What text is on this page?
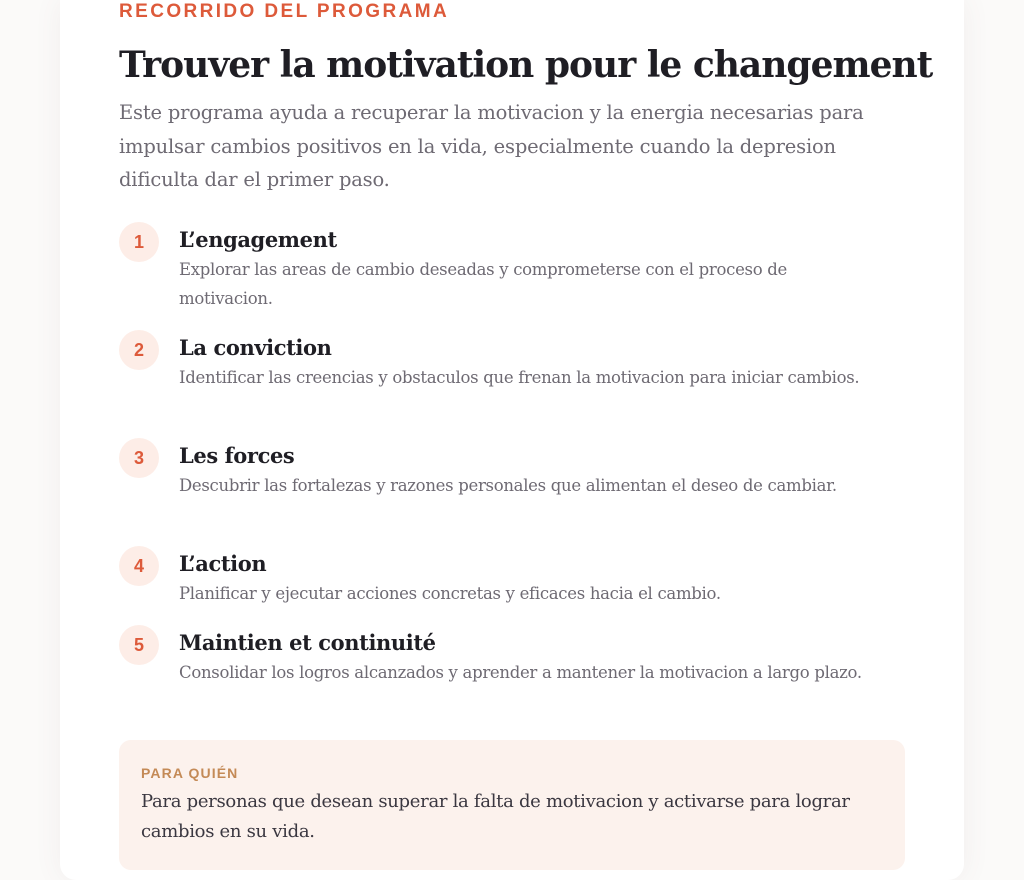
RECORRIDO DEL PROGRAMA

Trouver la motivation pour le changement

Este programa ayuda a recuperar la motivacion y la energia necesarias para impulsar cambios positivos en la vida, especialmente cuando la depresion dificulta dar el primer paso.

1	L’engagement

Explorar las areas de cambio deseadas y comprometerse con el proceso de motivacion.

2	La conviction

Identificar las creencias y obstaculos que frenan la motivacion para iniciar cambios.

3	Les forces

Descubrir las fortalezas y razones personales que alimentan el deseo de cambiar.

4	L’action

Planificar y ejecutar acciones concretas y eficaces hacia el cambio.

5	Maintien et continuité

Consolidar los logros alcanzados y aprender a mantener la motivacion a largo plazo.

PARA QUIÉN

Para personas que desean superar la falta de motivacion y activarse para lograr cambios en su vida.
